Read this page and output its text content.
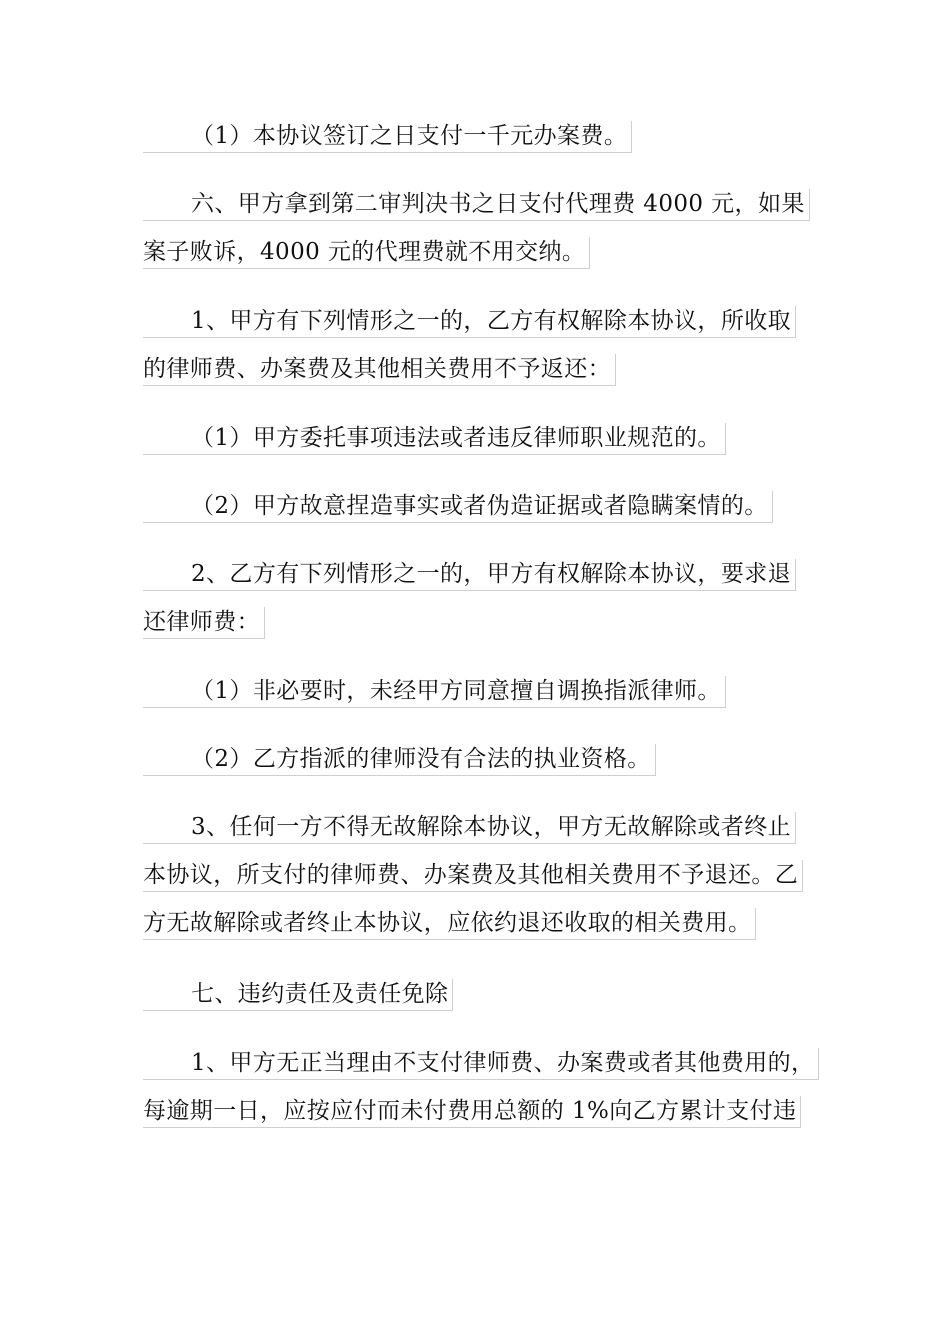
（1）本协议签订之日支付一千元办案费。
六、甲方拿到第二审判决书之日支付代理费 4000 元，如果
案子败诉，4000 元的代理费就不用交纳。
1、甲方有下列情形之一的，乙方有权解除本协议，所收取
的律师费、办案费及其他相关费用不予返还：
（1）甲方委托事项违法或者违反律师职业规范的。
（2）甲方故意捏造事实或者伪造证据或者隐瞒案情的。
2、乙方有下列情形之一的，甲方有权解除本协议，要求退
还律师费：
（1）非必要时，未经甲方同意擅自调换指派律师。
（2）乙方指派的律师没有合法的执业资格。
3、任何一方不得无故解除本协议，甲方无故解除或者终止
本协议，所支付的律师费、办案费及其他相关费用不予退还。乙
方无故解除或者终止本协议，应依约退还收取的相关费用。
七、违约责任及责任免除
1、甲方无正当理由不支付律师费、办案费或者其他费用的，
每逾期一日，应按应付而未付费用总额的 1%向乙方累计支付违
